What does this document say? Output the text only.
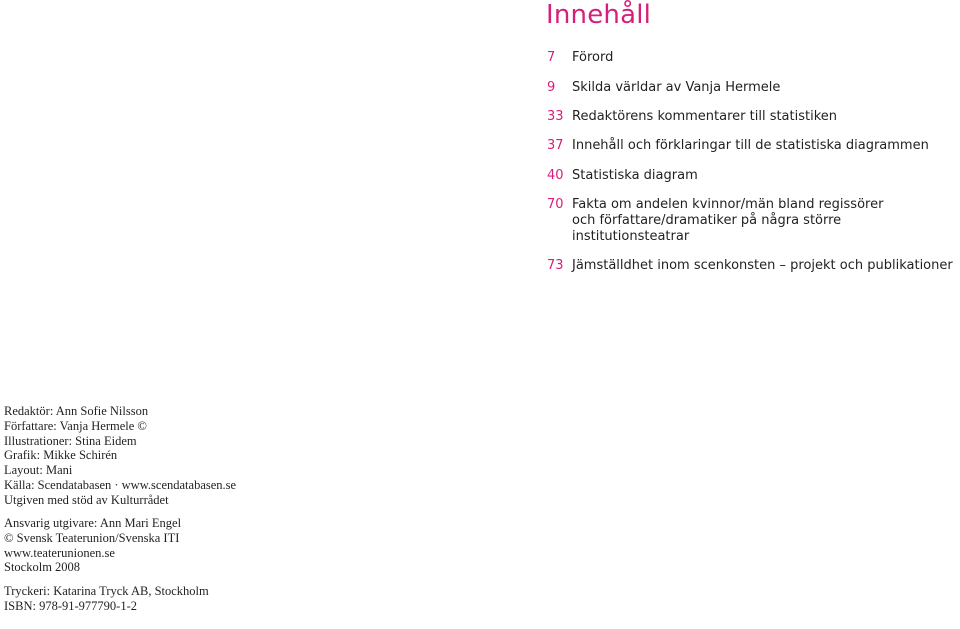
Innehåll
7 Förord
9 Skilda världar av Vanja Hermele
33 Redaktörens kommentarer till statistiken
37 Innehåll och förklaringar till de statistiska diagrammen
40 Statistiska diagram
70 Fakta om andelen kvinnor/män bland regissörer
och författare/dramatiker på några större
institutionsteatrar
73 Jämställdhet inom scenkonsten – projekt och publikationer
Redaktör: Ann Sofie Nilsson
Författare: Vanja Hermele ©
Illustrationer: Stina Eidem
Grafik: Mikke Schirén
Layout: Mani
Källa: Scendatabasen · www.scendatabasen.se
Utgiven med stöd av Kulturrådet
Ansvarig utgivare: Ann Mari Engel
© Svensk Teaterunion/Svenska ITI
www.teaterunionen.se
Stockolm 2008
Tryckeri: Katarina Tryck AB, Stockholm
ISBN: 978-91-977790-1-2
